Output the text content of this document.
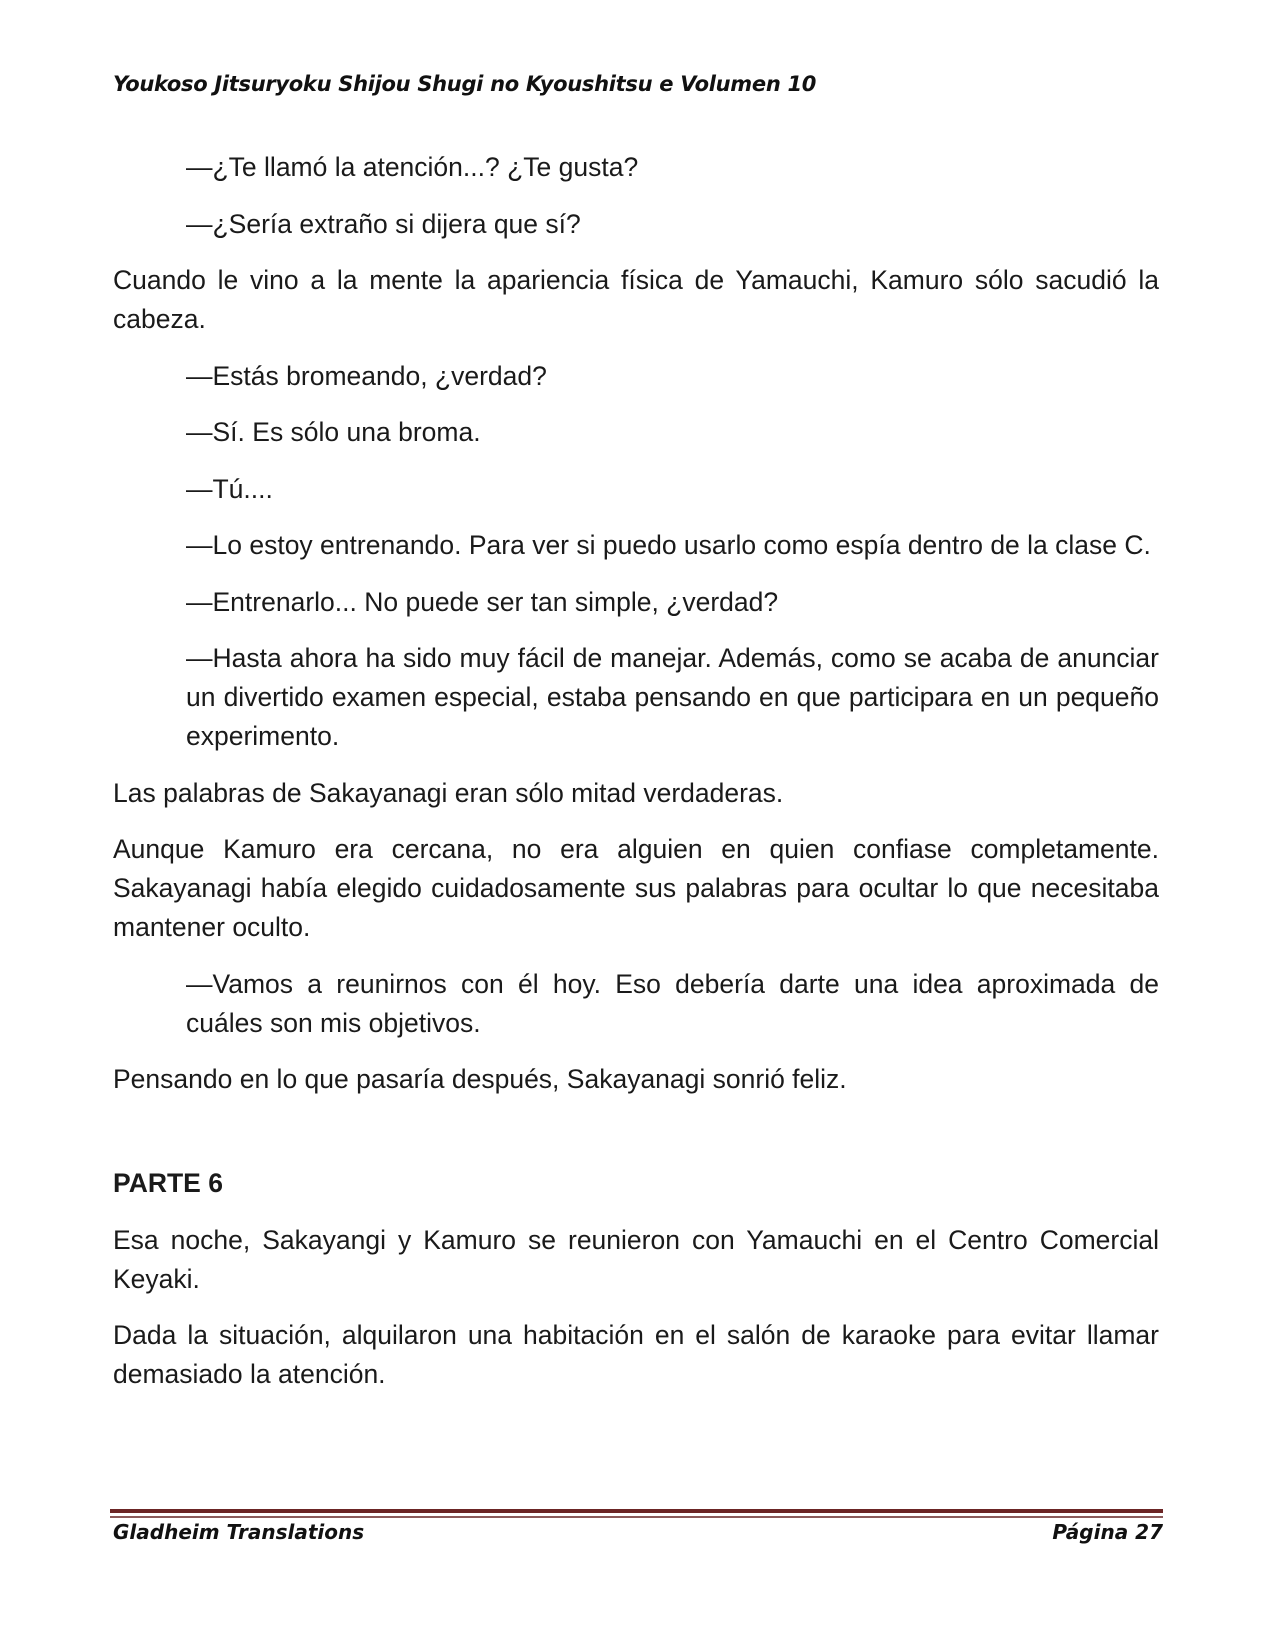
Youkoso Jitsuryoku Shijou Shugi no Kyoushitsu e Volumen 10

—¿Te llamó la atención...? ¿Te gusta?

—¿Sería extraño si dijera que sí?

Cuando le vino a la mente la apariencia física de Yamauchi, Kamuro sólo sacudió la cabeza.

—Estás bromeando, ¿verdad?

—Sí. Es sólo una broma.

—Tú....

—Lo estoy entrenando. Para ver si puedo usarlo como espía dentro de la clase C.

—Entrenarlo... No puede ser tan simple, ¿verdad?

—Hasta ahora ha sido muy fácil de manejar. Además, como se acaba de anunciar un divertido examen especial, estaba pensando en que participara en un pequeño experimento.

Las palabras de Sakayanagi eran sólo mitad verdaderas.

Aunque Kamuro era cercana, no era alguien en quien confiase completamente. Sakayanagi había elegido cuidadosamente sus palabras para ocultar lo que necesitaba mantener oculto.

—Vamos a reunirnos con él hoy. Eso debería darte una idea aproximada de cuáles son mis objetivos.

Pensando en lo que pasaría después, Sakayanagi sonrió feliz.

PARTE 6

Esa noche, Sakayangi y Kamuro se reunieron con Yamauchi en el Centro Comercial Keyaki.

Dada la situación, alquilaron una habitación en el salón de karaoke para evitar llamar demasiado la atención.

Gladheim Translations	Página 27
